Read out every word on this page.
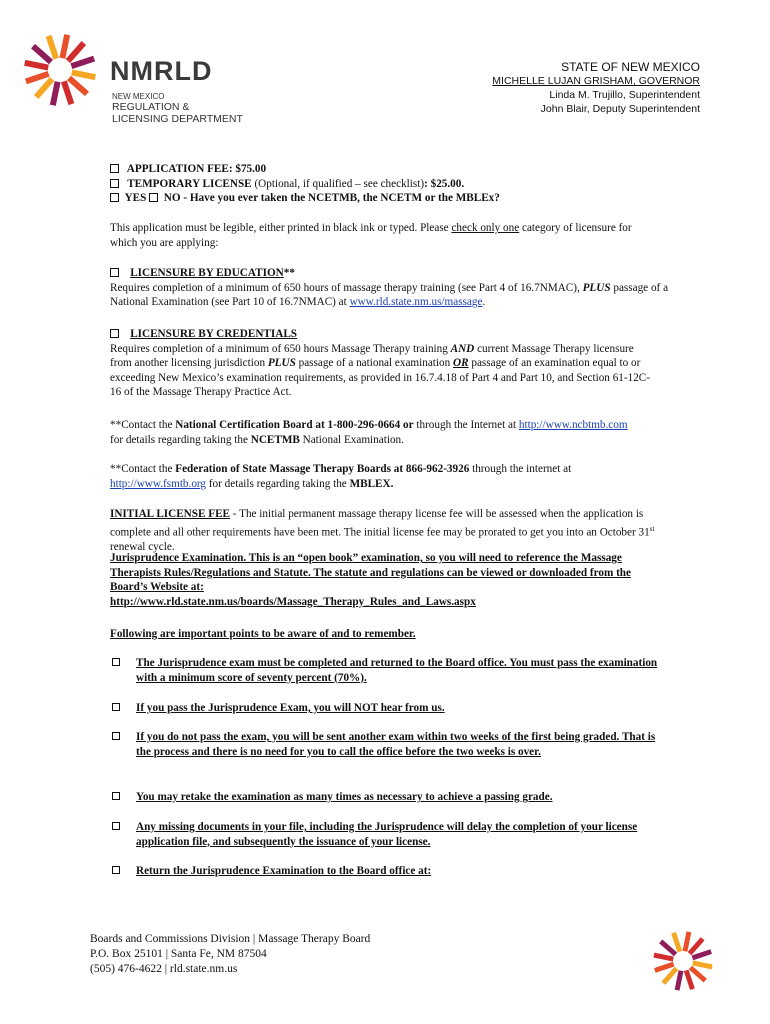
NMRLD
NEW MEXICO
REGULATION &
LICENSING DEPARTMENT
STATE OF NEW MEXICO
MICHELLE LUJAN GRISHAM, GOVERNOR
Linda M. Trujillo, Superintendent
John Blair, Deputy Superintendent
APPLICATION FEE: $75.00
TEMPORARY LICENSE (Optional, if qualified – see checklist): $25.00.
YES NO - Have you ever taken the NCETMB, the NCETM or the MBLEx?
This application must be legible, either printed in black ink or typed. Please check only one category of licensure for which you are applying:
LICENSURE BY EDUCATION**
Requires completion of a minimum of 650 hours of massage therapy training (see Part 4 of 16.7NMAC), PLUS passage of a National Examination (see Part 10 of 16.7NMAC) at www.rld.state.nm.us/massage.
LICENSURE BY CREDENTIALS
Requires completion of a minimum of 650 hours Massage Therapy training AND current Massage Therapy licensure from another licensing jurisdiction PLUS passage of a national examination OR passage of an examination equal to or exceeding New Mexico’s examination requirements, as provided in 16.7.4.18 of Part 4 and Part 10, and Section 61-12C-16 of the Massage Therapy Practice Act.
**Contact the National Certification Board at 1-800-296-0664 or through the Internet at http://www.ncbtmb.com for details regarding taking the NCETMB National Examination.
**Contact the Federation of State Massage Therapy Boards at 866-962-3926 through the internet at http://www.fsmtb.org for details regarding taking the MBLEX.
INITIAL LICENSE FEE - The initial permanent massage therapy license fee will be assessed when the application is complete and all other requirements have been met. The initial license fee may be prorated to get you into an October 31st renewal cycle.
Jurisprudence Examination. This is an “open book” examination, so you will need to reference the Massage Therapists Rules/Regulations and Statute. The statute and regulations can be viewed or downloaded from the Board’s Website at:
http://www.rld.state.nm.us/boards/Massage_Therapy_Rules_and_Laws.aspx
Following are important points to be aware of and to remember.
The Jurisprudence exam must be completed and returned to the Board office. You must pass the examination with a minimum score of seventy percent (70%).
If you pass the Jurisprudence Exam, you will NOT hear from us.
If you do not pass the exam, you will be sent another exam within two weeks of the first being graded. That is the process and there is no need for you to call the office before the two weeks is over.
You may retake the examination as many times as necessary to achieve a passing grade.
Any missing documents in your file, including the Jurisprudence will delay the completion of your license application file, and subsequently the issuance of your license.
Return the Jurisprudence Examination to the Board office at:
Boards and Commissions Division | Massage Therapy Board
P.O. Box 25101 | Santa Fe, NM 87504
(505) 476-4622 | rld.state.nm.us
